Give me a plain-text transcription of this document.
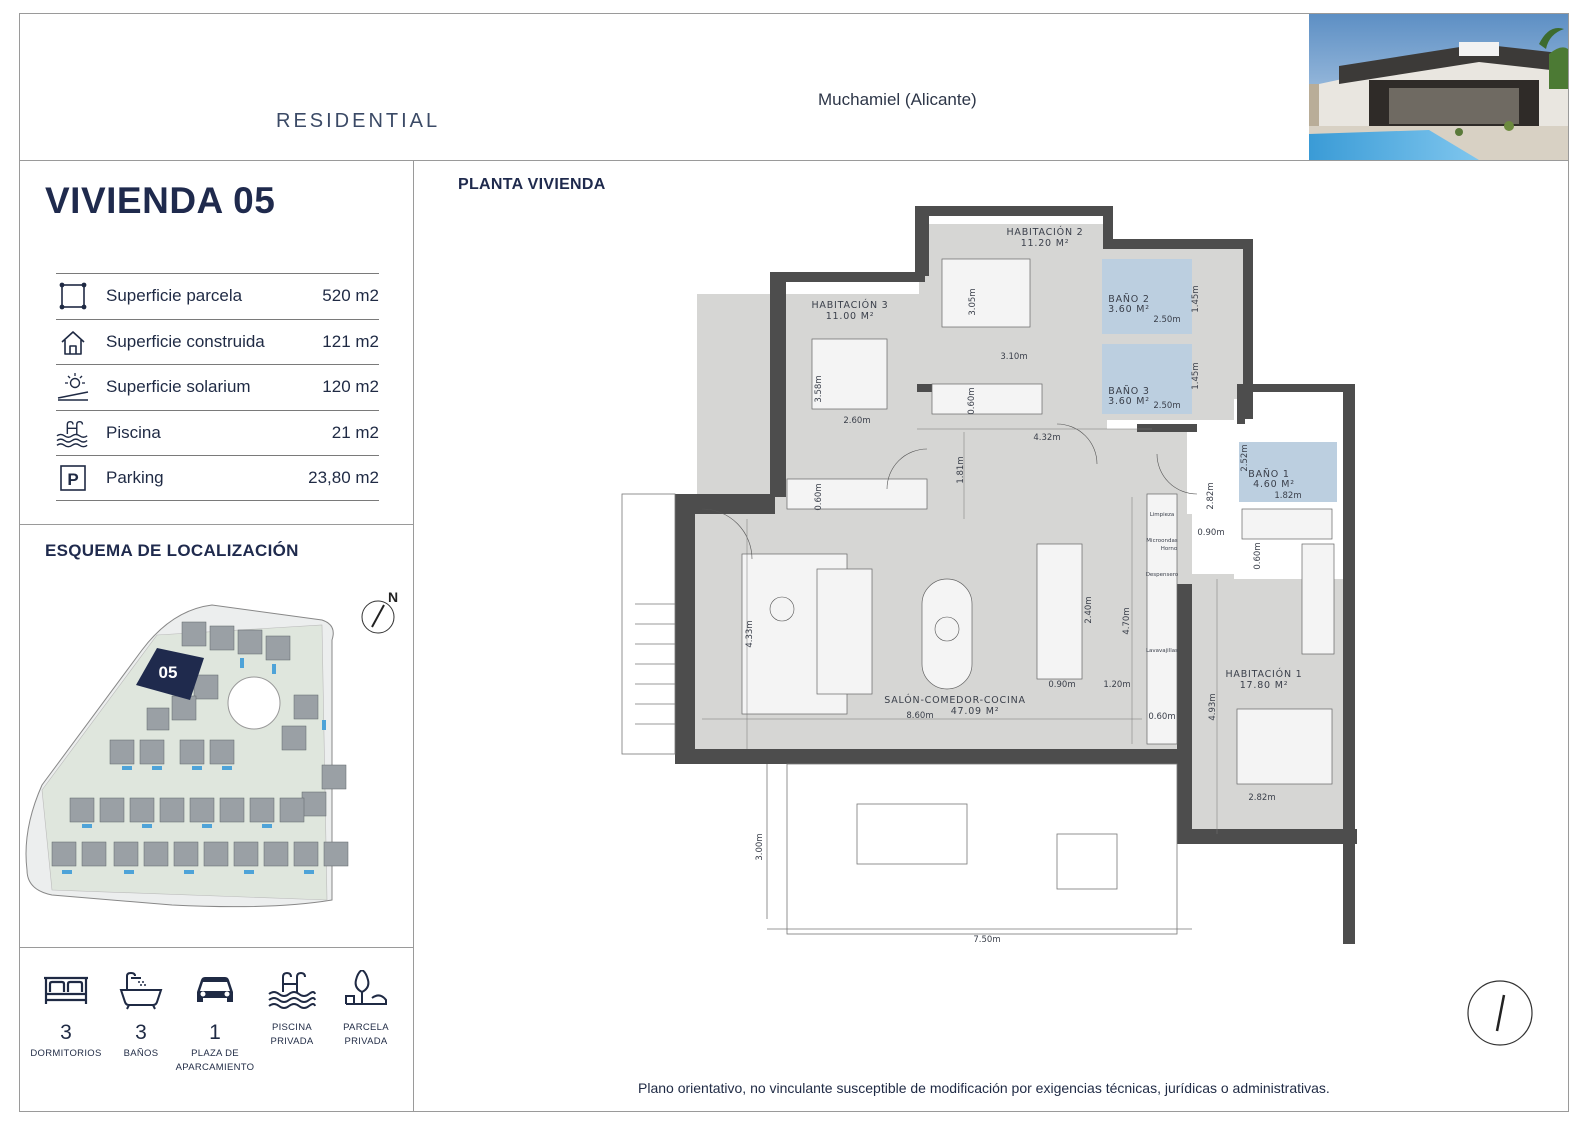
RESIDENTIAL
Muchamiel (Alicante)
VIVIENDA 05
Superficie parcela	520 m2
Superficie construida	121 m2
Superficie solarium	120 m2
Piscina	21 m2
P Parking	23,80 m2
ESQUEMA DE LOCALIZACIÓN
N
05
3
DORMITORIOS
3
BAÑOS
1
PLAZA DE
APARCAMIENTO
PISCINA
PRIVADA
PARCELA
PRIVADA
PLANTA VIVIENDA
HABITACIÓN 2
11.20 M²
HABITACIÓN 3
11.00 M²
BAÑO 2
3.60 M²
BAÑO 3
3.60 M²
BAÑO 1
4.60 M²
HABITACIÓN 1
17.80 M²
SALÓN-COMEDOR-COCINA
47.09 M²
3.05m
3.10m
1.45m
2.50m
1.45m
2.50m
3.58m
2.60m
0.60m
4.32m
1.81m
0.60m	2.82m
2.52m
1.82m
0.90m
0.60m
4.33m
2.40m	4.70m
0.90m	1.20m
8.60m	0.60m	4.93m
2.82m
3.00m
7.50m
Limpieza
Microondas
Horno
Despensero
Lavavajillas
Plano orientativo, no vinculante susceptible de modificación por exigencias técnicas, jurídicas o administrativas.
